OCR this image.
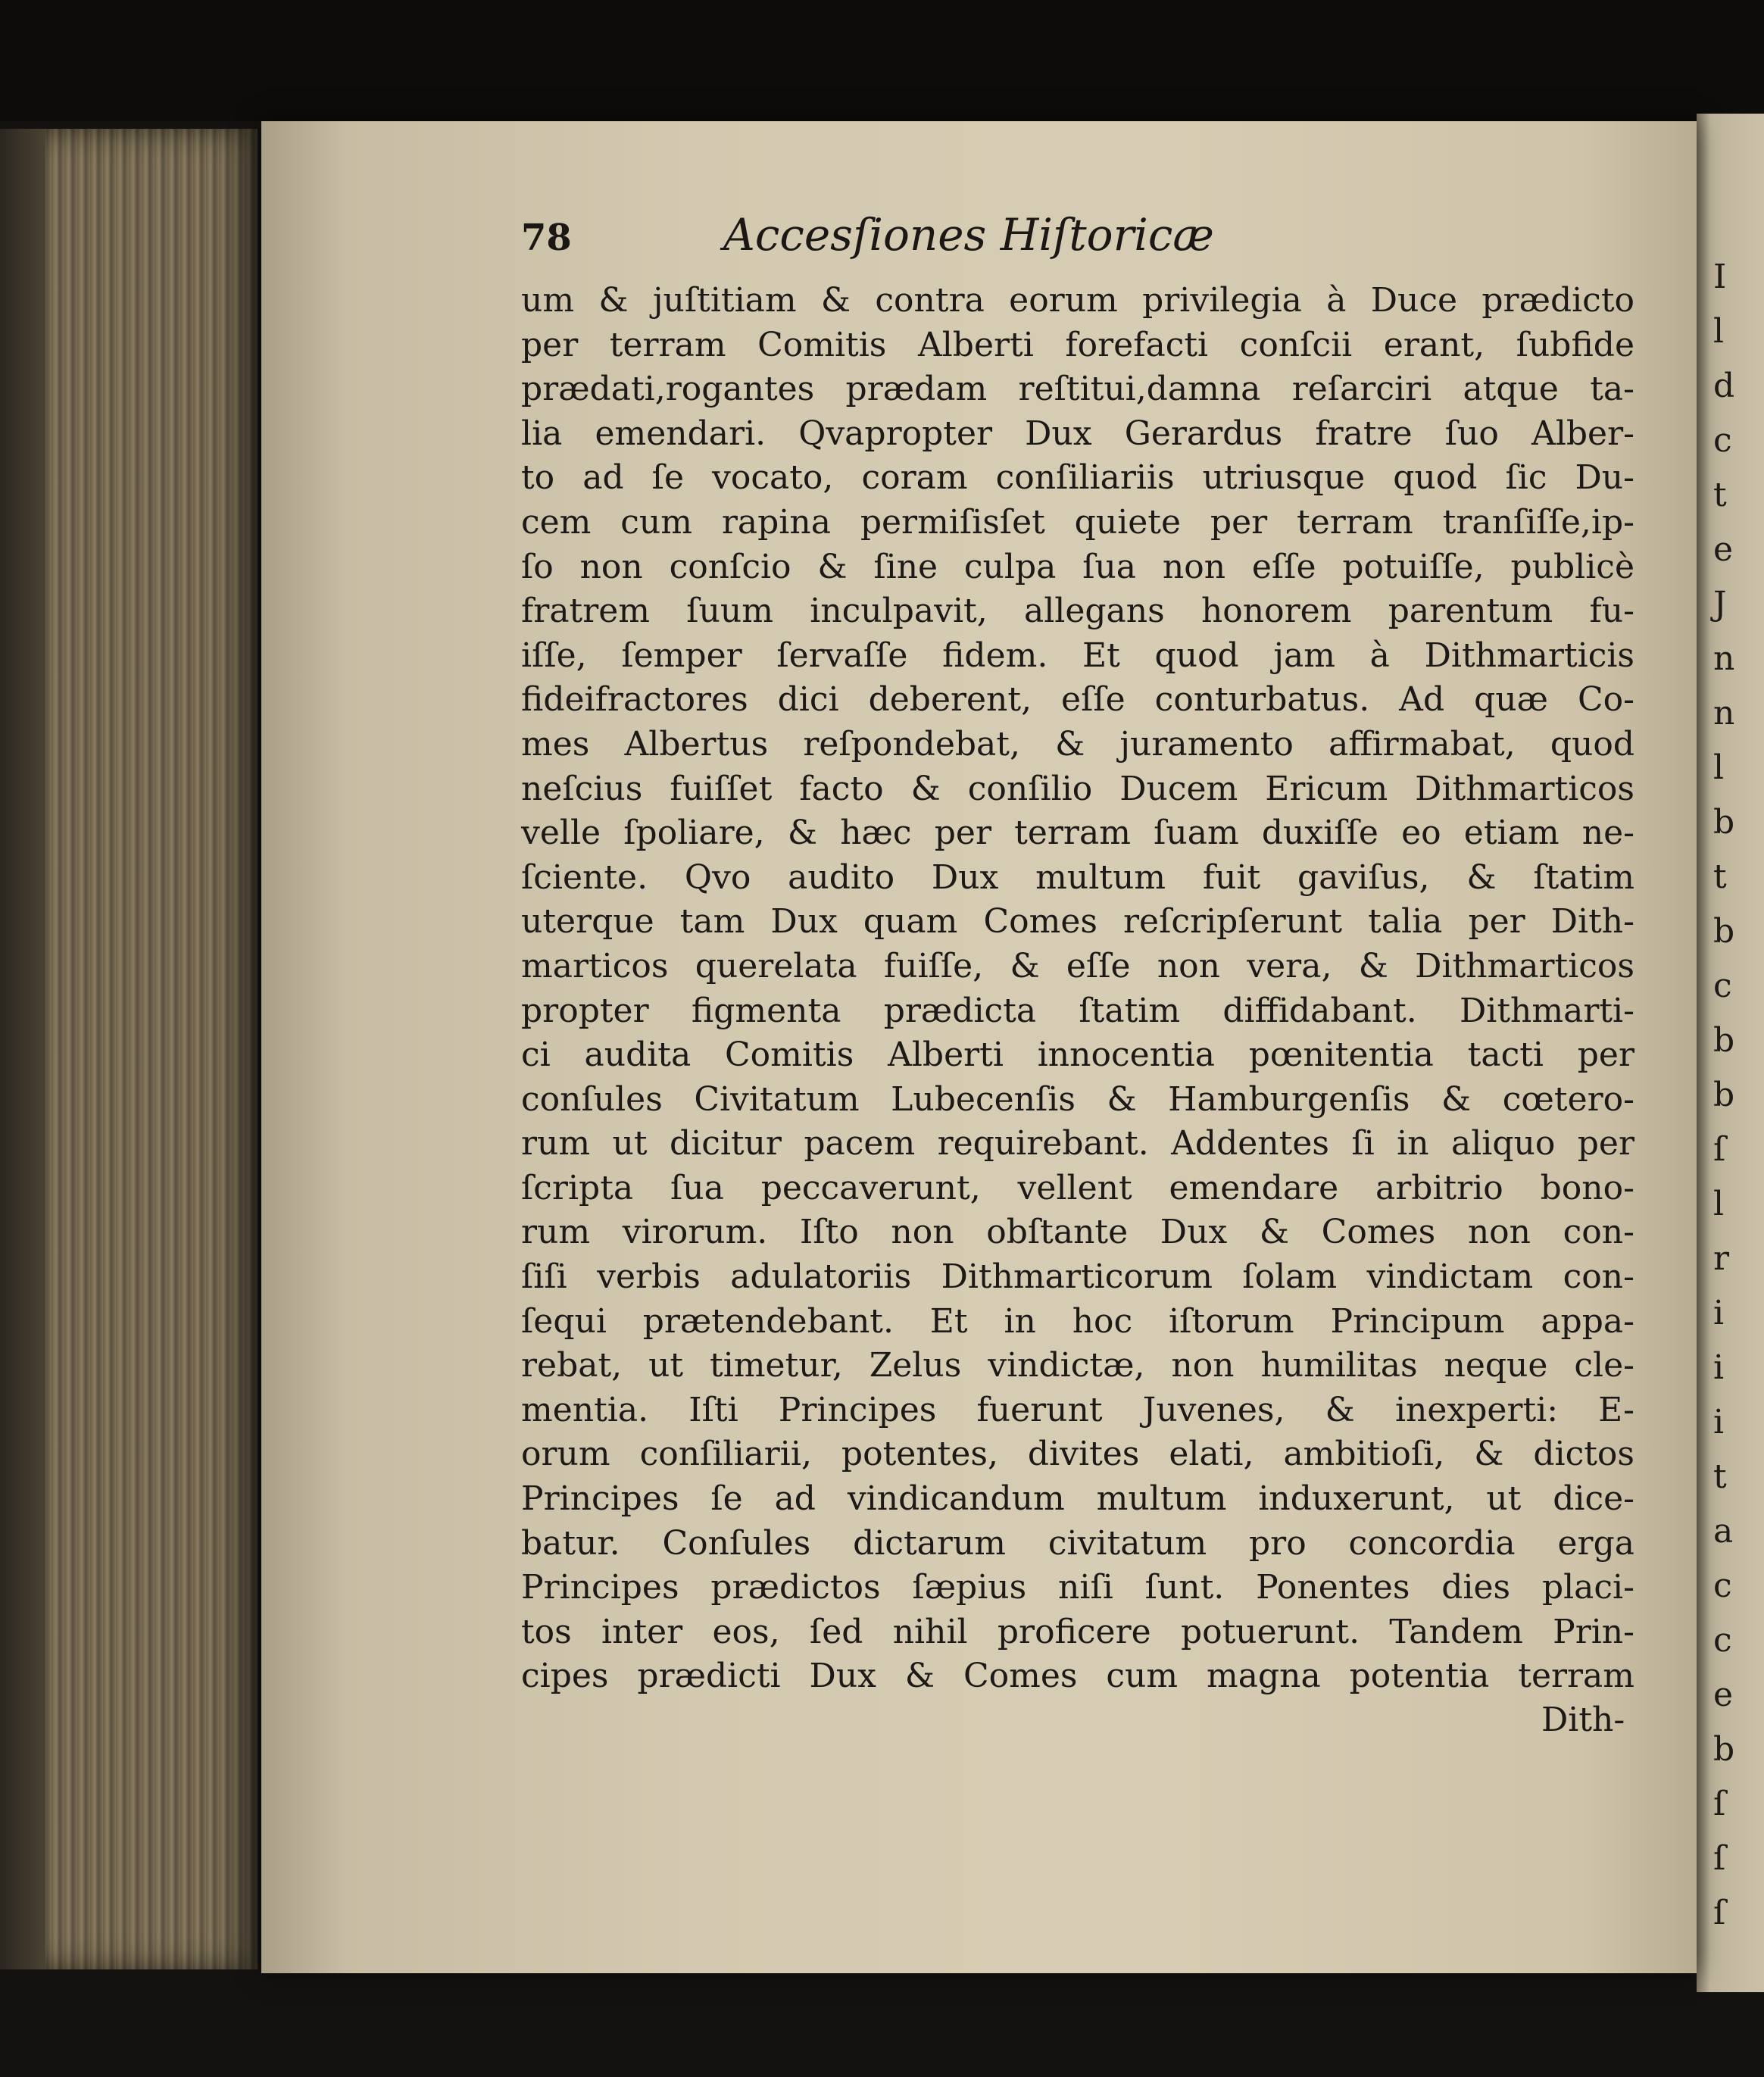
I
l
d
c
t
e
J
n
n
l
b
t
b
c
b
b
ſ
l
r
i
i
i
t
a
c
c
e
b
ſ
ſ
ſ
78	Accesſiones Hiſtoricæ
um & juſtitiam & contra eorum privilegia à Duce prædicto
per terram Comitis Alberti forefacti conſcii erant, ſubfide
prædati,rogantes prædam reſtitui,damna reſarciri atque ta-
lia emendari. Qvapropter Dux Gerardus fratre ſuo Alber-
to ad ſe vocato, coram conſiliariis utriusque quod ſic Du-
cem cum rapina permiſisſet quiete per terram tranſiſſe,ip-
ſo non conſcio & ſine culpa ſua non eſſe potuiſſe, publicè
fratrem ſuum inculpavit, allegans honorem parentum fu-
iſſe, ſemper ſervaſſe fidem. Et quod jam à Dithmarticis
fideifractores dici deberent, eſſe conturbatus. Ad quæ Co-
mes Albertus reſpondebat, & juramento affirmabat, quod
neſcius fuiſſet facto & conſilio Ducem Ericum Dithmarticos
velle ſpoliare, & hæc per terram ſuam duxiſſe eo etiam ne-
ſciente. Qvo audito Dux multum fuit gaviſus, & ſtatim
uterque tam Dux quam Comes reſcripſerunt talia per Dith-
marticos querelata fuiſſe, & eſſe non vera, & Dithmarticos
propter figmenta prædicta ſtatim diffidabant. Dithmarti-
ci audita Comitis Alberti innocentia pœnitentia tacti per
conſules Civitatum Lubecenſis & Hamburgenſis & cœtero-
rum ut dicitur pacem requirebant. Addentes ſi in aliquo per
ſcripta ſua peccaverunt, vellent emendare arbitrio bono-
rum virorum. Iſto non obſtante Dux & Comes non con-
ſiſi verbis adulatoriis Dithmarticorum ſolam vindictam con-
ſequi prætendebant. Et in hoc iſtorum Principum appa-
rebat, ut timetur, Zelus vindictæ, non humilitas neque cle-
mentia. Iſti Principes fuerunt Juvenes, & inexperti: E-
orum conſiliarii, potentes, divites elati, ambitioſi, & dictos
Principes ſe ad vindicandum multum induxerunt, ut dice-
batur. Conſules dictarum civitatum pro concordia erga
Principes prædictos ſæpius niſi ſunt. Ponentes dies placi-
tos inter eos, ſed nihil proficere potuerunt. Tandem Prin-
cipes prædicti Dux & Comes cum magna potentia terram
Dith-
